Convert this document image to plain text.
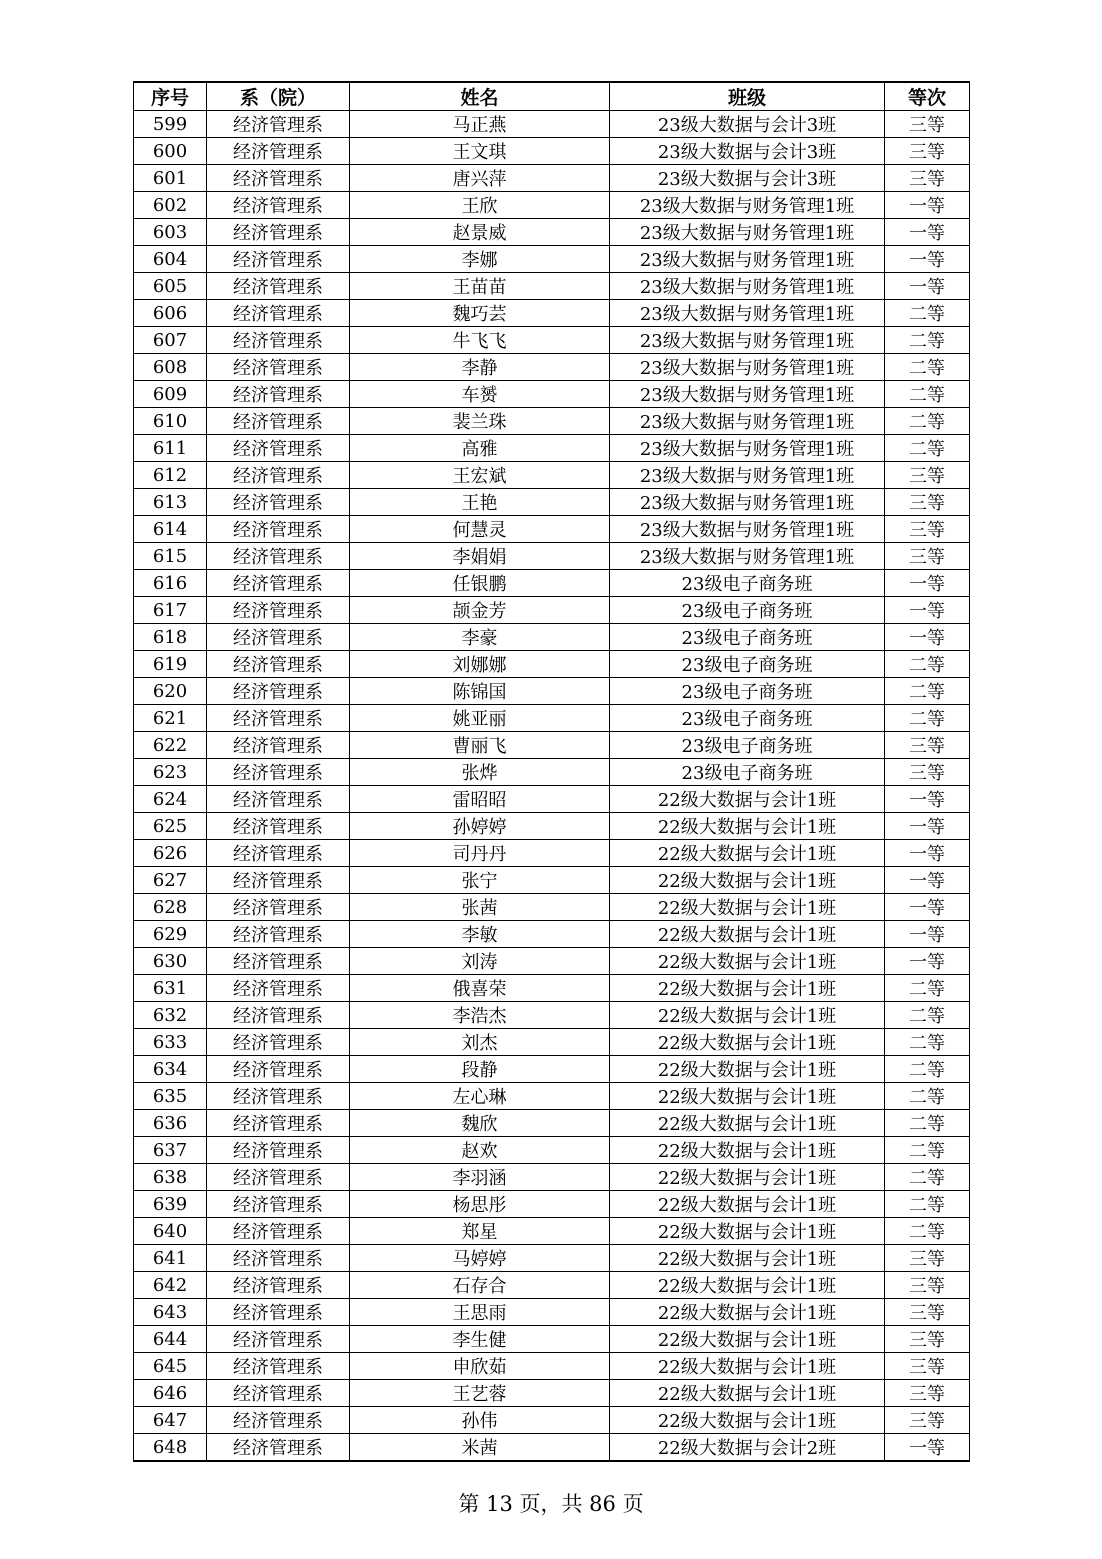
序号	系（院）	姓名	班级	等次
599	经济管理系	马正燕	23级大数据与会计3班	三等
600	经济管理系	王文琪	23级大数据与会计3班	三等
601	经济管理系	唐兴萍	23级大数据与会计3班	三等
602	经济管理系	王欣	23级大数据与财务管理1班	一等
603	经济管理系	赵景威	23级大数据与财务管理1班	一等
604	经济管理系	李娜	23级大数据与财务管理1班	一等
605	经济管理系	王苗苗	23级大数据与财务管理1班	一等
606	经济管理系	魏巧芸	23级大数据与财务管理1班	二等
607	经济管理系	牛飞飞	23级大数据与财务管理1班	二等
608	经济管理系	李静	23级大数据与财务管理1班	二等
609	经济管理系	车赟	23级大数据与财务管理1班	二等
610	经济管理系	裴兰珠	23级大数据与财务管理1班	二等
611	经济管理系	高雅	23级大数据与财务管理1班	二等
612	经济管理系	王宏斌	23级大数据与财务管理1班	三等
613	经济管理系	王艳	23级大数据与财务管理1班	三等
614	经济管理系	何慧灵	23级大数据与财务管理1班	三等
615	经济管理系	李娟娟	23级大数据与财务管理1班	三等
616	经济管理系	任银鹏	23级电子商务班	一等
617	经济管理系	颉金芳	23级电子商务班	一等
618	经济管理系	李豪	23级电子商务班	一等
619	经济管理系	刘娜娜	23级电子商务班	二等
620	经济管理系	陈锦国	23级电子商务班	二等
621	经济管理系	姚亚丽	23级电子商务班	二等
622	经济管理系	曹丽飞	23级电子商务班	三等
623	经济管理系	张烨	23级电子商务班	三等
624	经济管理系	雷昭昭	22级大数据与会计1班	一等
625	经济管理系	孙婷婷	22级大数据与会计1班	一等
626	经济管理系	司丹丹	22级大数据与会计1班	一等
627	经济管理系	张宁	22级大数据与会计1班	一等
628	经济管理系	张茜	22级大数据与会计1班	一等
629	经济管理系	李敏	22级大数据与会计1班	一等
630	经济管理系	刘涛	22级大数据与会计1班	一等
631	经济管理系	俄喜荣	22级大数据与会计1班	二等
632	经济管理系	李浩杰	22级大数据与会计1班	二等
633	经济管理系	刘杰	22级大数据与会计1班	二等
634	经济管理系	段静	22级大数据与会计1班	二等
635	经济管理系	左心琳	22级大数据与会计1班	二等
636	经济管理系	魏欣	22级大数据与会计1班	二等
637	经济管理系	赵欢	22级大数据与会计1班	二等
638	经济管理系	李羽涵	22级大数据与会计1班	二等
639	经济管理系	杨思彤	22级大数据与会计1班	二等
640	经济管理系	郑星	22级大数据与会计1班	二等
641	经济管理系	马婷婷	22级大数据与会计1班	三等
642	经济管理系	石存合	22级大数据与会计1班	三等
643	经济管理系	王思雨	22级大数据与会计1班	三等
644	经济管理系	李生健	22级大数据与会计1班	三等
645	经济管理系	申欣茹	22级大数据与会计1班	三等
646	经济管理系	王艺蓉	22级大数据与会计1班	三等
647	经济管理系	孙伟	22级大数据与会计1班	三等
648	经济管理系	米茜	22级大数据与会计2班	一等
第 13 页，共 86 页
